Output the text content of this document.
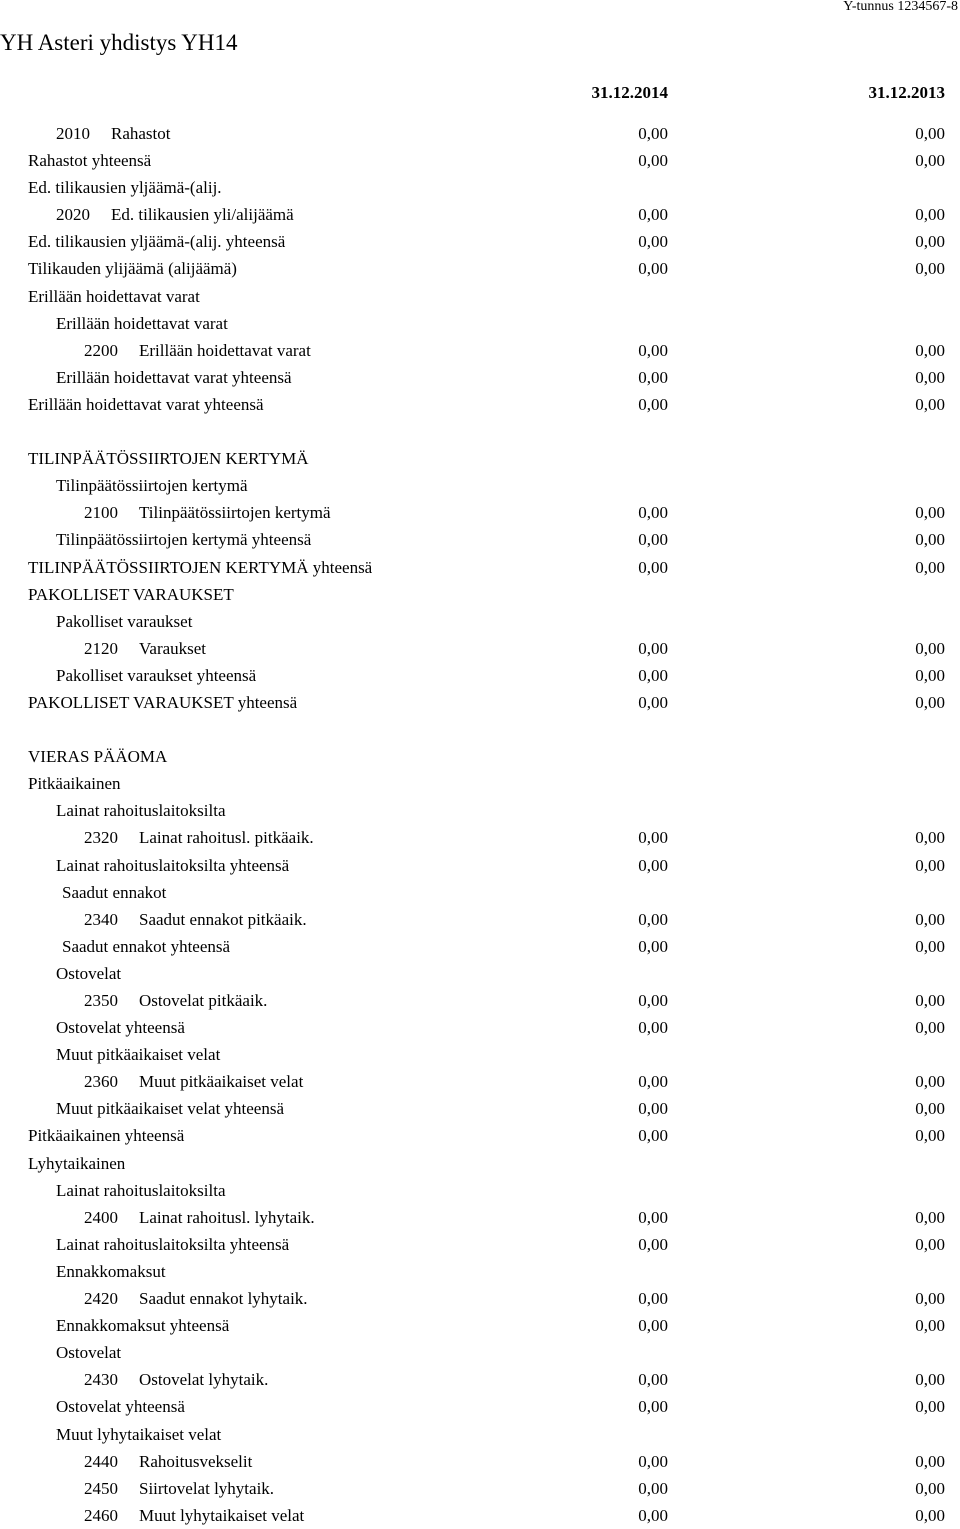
Y-tunnus 1234567-8
YH Asteri yhdistys YH14
31.12.2014	31.12.2013
2010 Rahastot	0,00	0,00
Rahastot yhteensä	0,00	0,00
Ed. tilikausien yljäämä-(alij.
2020 Ed. tilikausien yli/alijäämä	0,00	0,00
Ed. tilikausien yljäämä-(alij. yhteensä	0,00	0,00
Tilikauden ylijäämä (alijäämä)	0,00	0,00
Erillään hoidettavat varat
Erillään hoidettavat varat
2200 Erillään hoidettavat varat	0,00	0,00
Erillään hoidettavat varat yhteensä	0,00	0,00
Erillään hoidettavat varat yhteensä	0,00	0,00
TILINPÄÄTÖSSIIRTOJEN KERTYMÄ
Tilinpäätössiirtojen kertymä
2100 Tilinpäätössiirtojen kertymä	0,00	0,00
Tilinpäätössiirtojen kertymä yhteensä	0,00	0,00
TILINPÄÄTÖSSIIRTOJEN KERTYMÄ yhteensä	0,00	0,00
PAKOLLISET VARAUKSET
Pakolliset varaukset
2120 Varaukset	0,00	0,00
Pakolliset varaukset yhteensä	0,00	0,00
PAKOLLISET VARAUKSET yhteensä	0,00	0,00
VIERAS PÄÄOMA
Pitkäaikainen
Lainat rahoituslaitoksilta
2320 Lainat rahoitusl. pitkäaik.	0,00	0,00
Lainat rahoituslaitoksilta yhteensä	0,00	0,00
Saadut ennakot
2340 Saadut ennakot pitkäaik.	0,00	0,00
Saadut ennakot yhteensä	0,00	0,00
Ostovelat
2350 Ostovelat pitkäaik.	0,00	0,00
Ostovelat yhteensä	0,00	0,00
Muut pitkäaikaiset velat
2360 Muut pitkäaikaiset velat	0,00	0,00
Muut pitkäaikaiset velat yhteensä	0,00	0,00
Pitkäaikainen yhteensä	0,00	0,00
Lyhytaikainen
Lainat rahoituslaitoksilta
2400 Lainat rahoitusl. lyhytaik.	0,00	0,00
Lainat rahoituslaitoksilta yhteensä	0,00	0,00
Ennakkomaksut
2420 Saadut ennakot lyhytaik.	0,00	0,00
Ennakkomaksut yhteensä	0,00	0,00
Ostovelat
2430 Ostovelat lyhytaik.	0,00	0,00
Ostovelat yhteensä	0,00	0,00
Muut lyhytaikaiset velat
2440 Rahoitusvekselit	0,00	0,00
2450 Siirtovelat lyhytaik.	0,00	0,00
2460 Muut lyhytaikaiset velat	0,00	0,00
